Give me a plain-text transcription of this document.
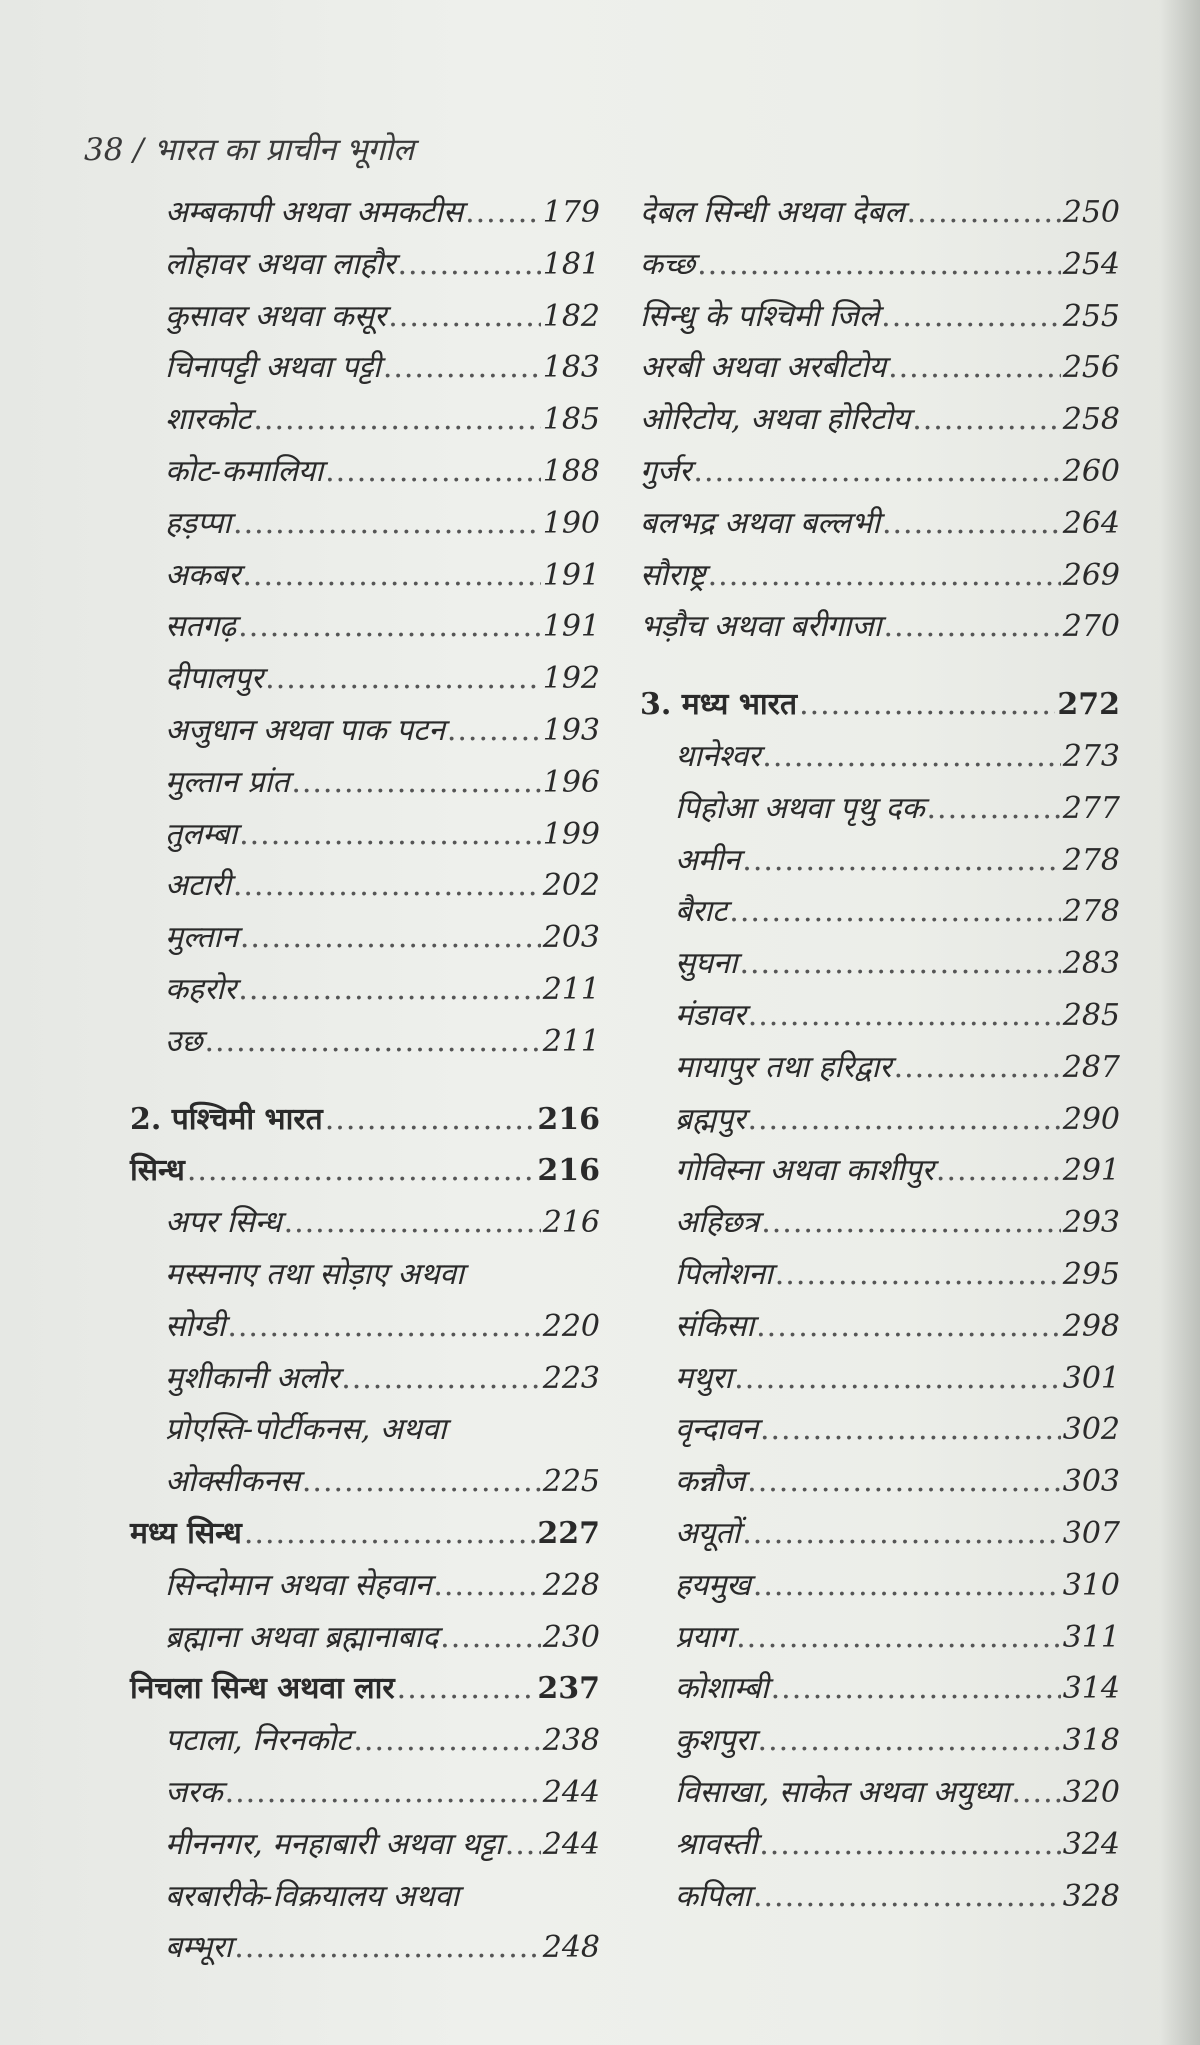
38 / भारत का प्राचीन भूगोल
अम्बकापी अथवा अमकटीस .....	179
लोहावर अथवा लाहौर .....	181
कुसावर अथवा कसूर .....	182
चिनापट्टी अथवा पट्टी .....	183
शारकोट .....	185
कोट-कमालिया .....	188
हड़प्पा .....	190
अकबर .....	191
सतगढ़ .....	191
दीपालपुर .....	192
अजुधान अथवा पाक पटन .....	193
मुल्तान प्रांत .....	196
तुलम्बा .....	199
अटारी .....	202
मुल्तान .....	203
कहरोर .....	211
उछ .....	211
2. पश्चिमी भारत .....	216
सिन्ध .....	216
अपर सिन्ध .....	216
मस्सनाए तथा सोड़ाए अथवा
सोग्डी .....	220
मुशीकानी अलोर .....	223
प्रोएस्ति-पोर्टीकनस, अथवा
ओक्सीकनस .....	225
मध्य सिन्ध .....	227
सिन्दोमान अथवा सेहवान .....	228
ब्रह्माना अथवा ब्रह्मानाबाद .....	230
निचला सिन्ध अथवा लार .....	237
पटाला, निरनकोट .....	238
जरक .....	244
मीननगर, मनहाबारी अथवा थट्टा ..... 244
बरबारीके-विक्रयालय अथवा
बम्भूरा .....	248
देबल सिन्धी अथवा देबल .....	250
कच्छ .....	254
सिन्धु के पश्चिमी जिले .....	255
अरबी अथवा अरबीटोय .....	256
ओरिटोय, अथवा होरिटोय .....	258
गुर्जर .....	260
बलभद्र अथवा बल्लभी .....	264
सौराष्ट्र .....	269
भड़ौच अथवा बरीगाजा .....	270
3. मध्य भारत .....	272
थानेश्वर .....	273
पिहोआ अथवा पृथु दक .....	277
अमीन .....	278
बैराट .....	278
सुघना .....	283
मंडावर .....	285
मायापुर तथा हरिद्वार .....	287
ब्रह्मपुर .....	290
गोविस्ना अथवा काशीपुर .....	291
अहिछत्र .....	293
पिलोशना .....	295
संकिसा .....	298
मथुरा .....	301
वृन्दावन .....	302
कन्नौज .....	303
अयूतों .....	307
हयमुख .....	310
प्रयाग .....	311
कोशाम्बी .....	314
कुशपुरा .....	318
विसाखा, साकेत अथवा अयुध्या ..... 320
श्रावस्ती .....	324
कपिला .....	328
